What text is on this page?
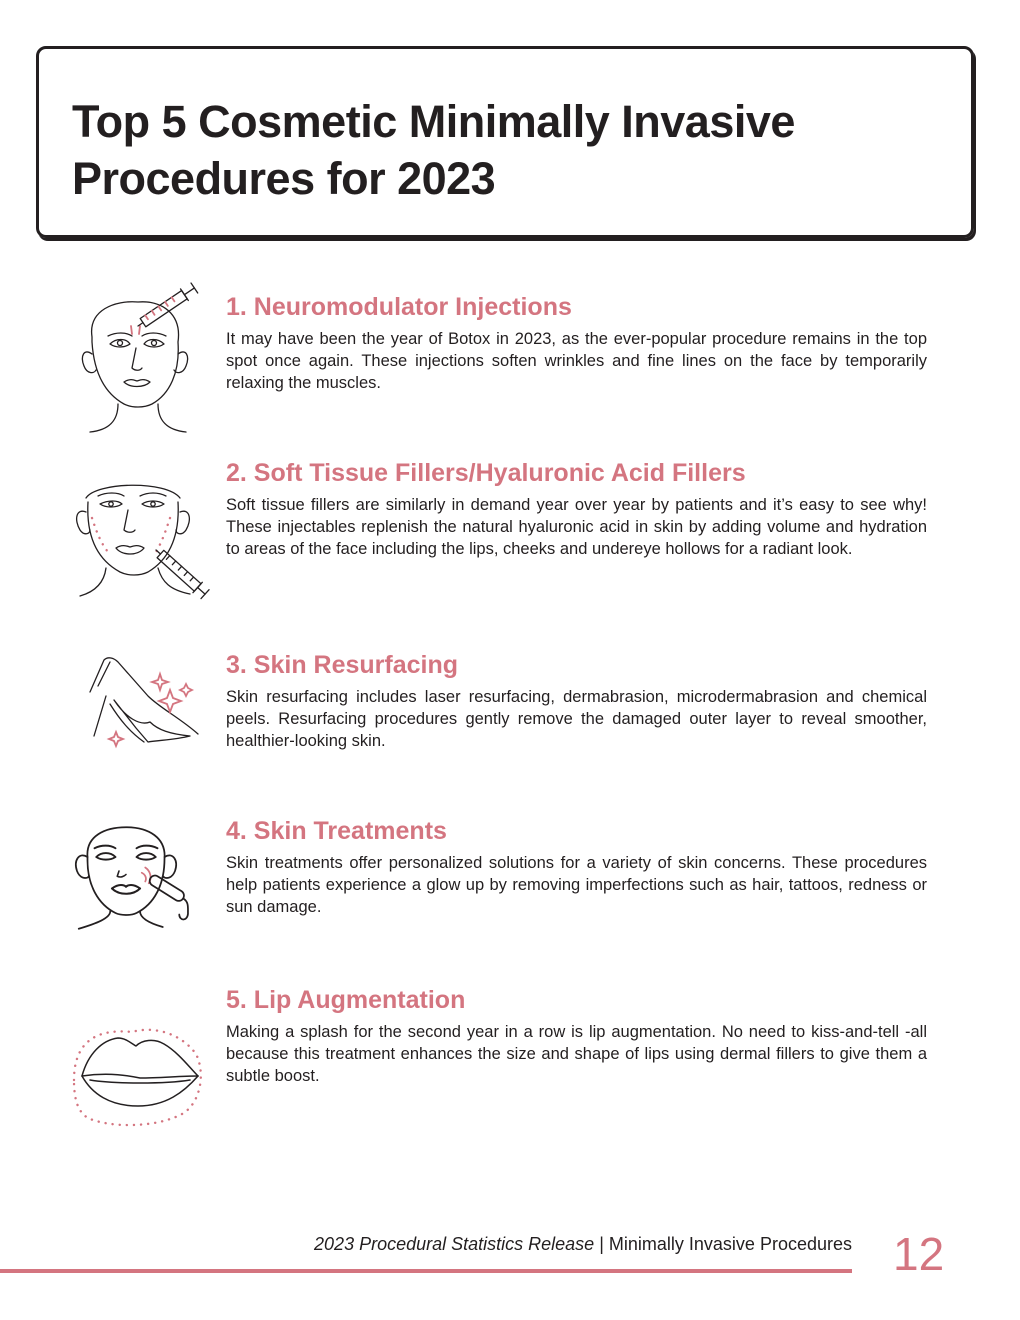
Top 5 Cosmetic Minimally Invasive Procedures for 2023
1. Neuromodulator Injections

It may have been the year of Botox in 2023, as the ever-popular procedure remains in the top spot once again. These injections soften wrinkles and fine lines on the face by temporarily relaxing the muscles.

2. Soft Tissue Fillers/Hyaluronic Acid Fillers

Soft tissue fillers are similarly in demand year over year by patients and it’s easy to see why! These injectables replenish the natural hyaluronic acid in skin by adding volume and hydration to areas of the face including the lips, cheeks and undereye hollows for a radiant look.

3. Skin Resurfacing

Skin resurfacing includes laser resurfacing, dermabrasion, microdermabrasion and chemical peels. Resurfacing procedures gently remove the damaged outer layer to reveal smoother, healthier-looking skin.

4. Skin Treatments

Skin treatments offer personalized solutions for a variety of skin concerns. These procedures help patients experience a glow up by removing imperfections such as hair, tattoos, redness or sun damage.

5. Lip Augmentation

Making a splash for the second year in a row is lip augmentation. No need to kiss-and-tell -all because this treatment enhances the size and shape of lips using dermal fillers to give them a subtle boost.

2023 Procedural Statistics Release | Minimally Invasive Procedures 12
